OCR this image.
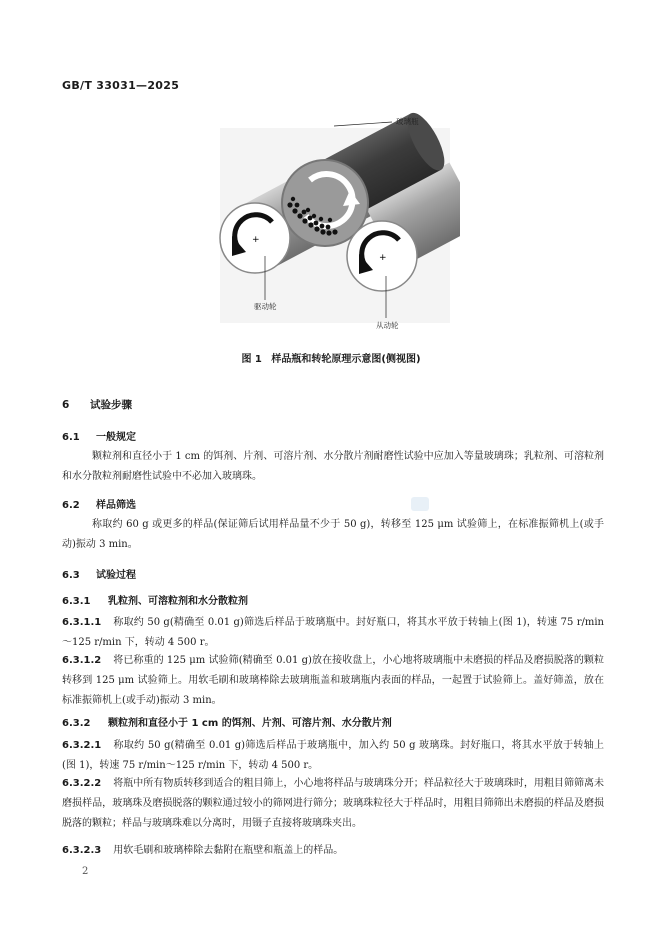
GB/T 33031—2025
+
+
玻璃瓶
驱动轮
从动轮
图 1 样品瓶和转轮原理示意图(侧视图)
6 试验步骤
6.1 一般规定
颗粒剂和直径小于 1 cm 的饵剂、片剂、可溶片剂、水分散片剂耐磨性试验中应加入等量玻璃珠；乳粒剂、可溶粒剂和水分散粒剂耐磨性试验中不必加入玻璃珠。
6.2 样品筛选
称取约 60 g 或更多的样品(保证筛后试用样品量不少于 50 g)，转移至 125 μm 试验筛上，在标准振筛机上(或手动)振动 3 min。
6.3 试验过程
6.3.1 乳粒剂、可溶粒剂和水分散粒剂
6.3.1.1 称取约 50 g(精确至 0.01 g)筛选后样品于玻璃瓶中。封好瓶口，将其水平放于转轴上(图 1)，转速 75 r/min～125 r/min 下，转动 4 500 r。
6.3.1.2 将已称重的 125 μm 试验筛(精确至 0.01 g)放在接收盘上，小心地将玻璃瓶中未磨损的样品及磨损脱落的颗粒转移到 125 μm 试验筛上。用软毛刷和玻璃棒除去玻璃瓶盖和玻璃瓶内表面的样品，一起置于试验筛上。盖好筛盖，放在标准振筛机上(或手动)振动 3 min。
6.3.2 颗粒剂和直径小于 1 cm 的饵剂、片剂、可溶片剂、水分散片剂
6.3.2.1 称取约 50 g(精确至 0.01 g)筛选后样品于玻璃瓶中，加入约 50 g 玻璃珠。封好瓶口，将其水平放于转轴上(图 1)，转速 75 r/min～125 r/min 下，转动 4 500 r。
6.3.2.2 将瓶中所有物质转移到适合的粗目筛上，小心地将样品与玻璃珠分开；样品粒径大于玻璃珠时，用粗目筛筛离未磨损样品，玻璃珠及磨损脱落的颗粒通过较小的筛网进行筛分；玻璃珠粒径大于样品时，用粗目筛筛出未磨损的样品及磨损脱落的颗粒；样品与玻璃珠难以分离时，用镊子直接将玻璃珠夹出。
6.3.2.3 用软毛刷和玻璃棒除去黏附在瓶壁和瓶盖上的样品。
2
